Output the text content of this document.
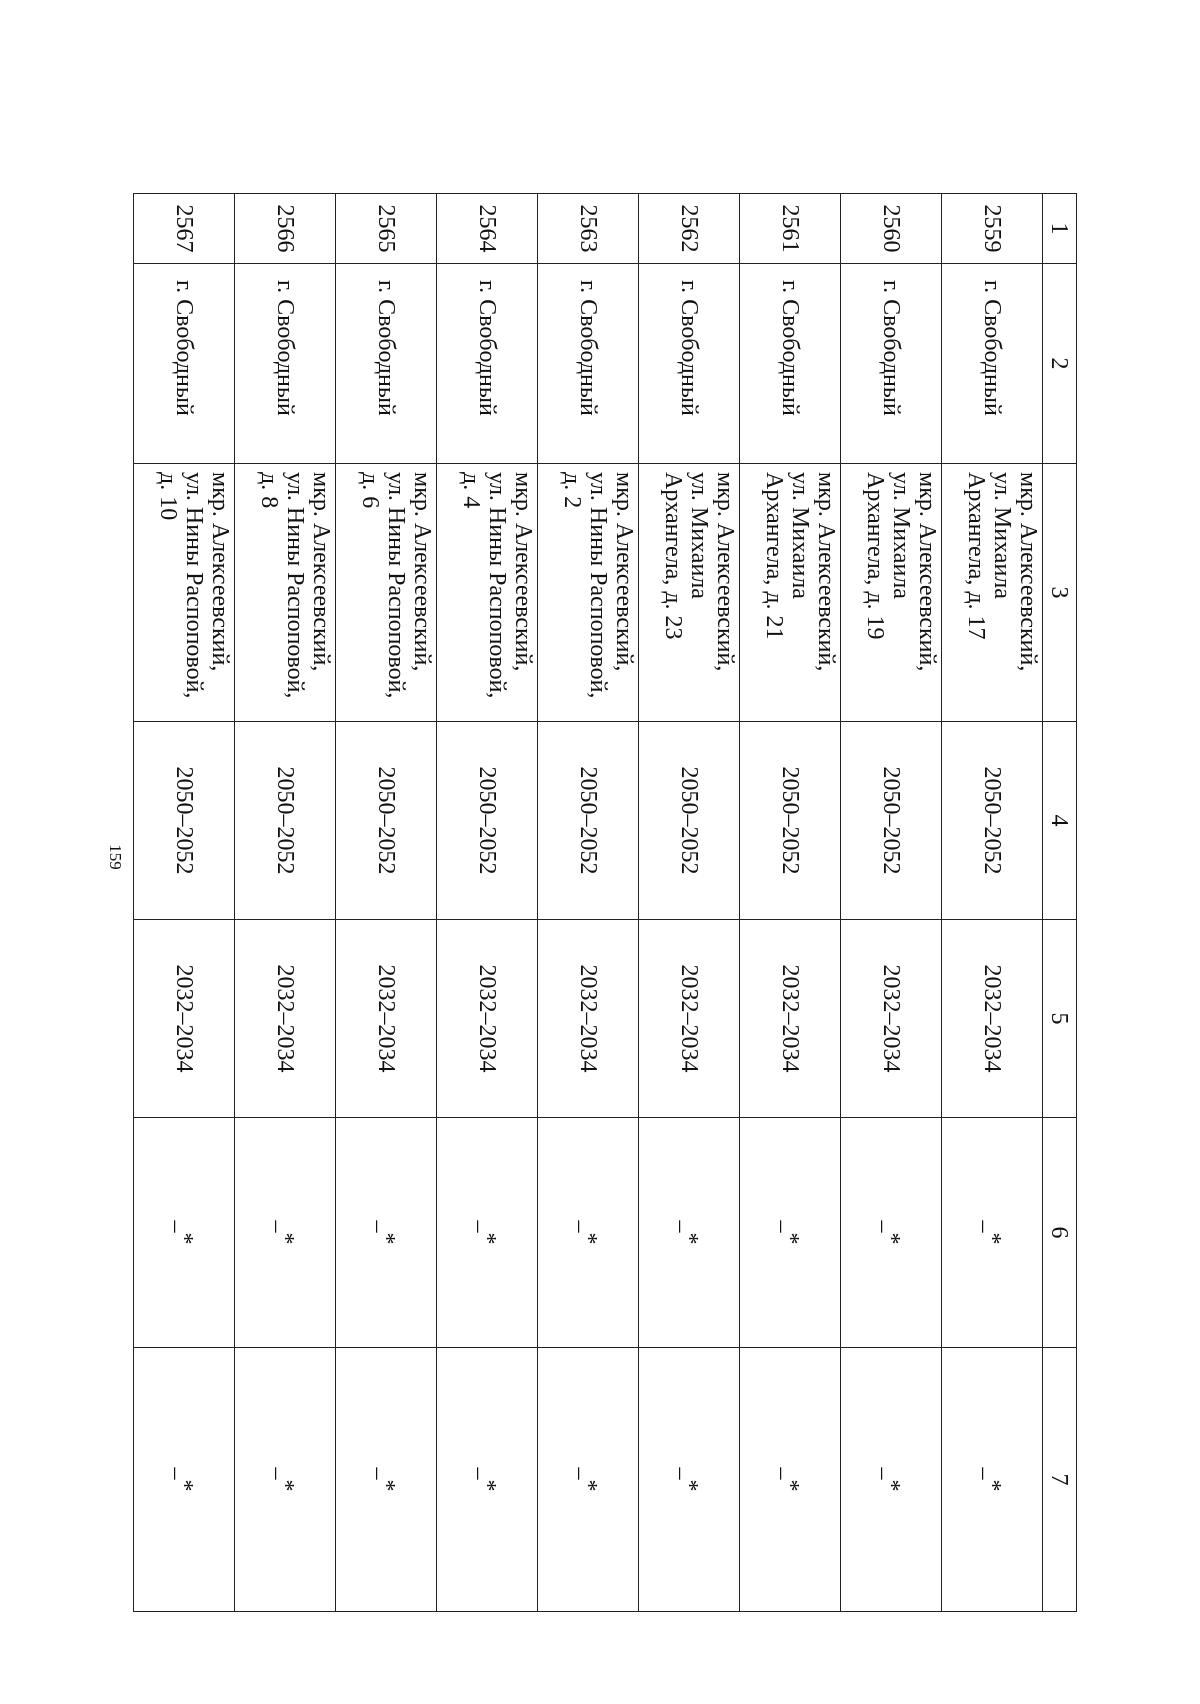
159
1	2	3	4	5	6	7
2559	г. Свободный	мкр. Алексеевский,
ул. Михаила
Архангела, д. 17	2050–2052	2032–2034	_*	_*
2560	г. Свободный	мкр. Алексеевский,
ул. Михаила
Архангела, д. 19	2050–2052	2032–2034	_*	_*
2561	г. Свободный	мкр. Алексеевский,
ул. Михаила
Архангела, д. 21	2050–2052	2032–2034	_*	_*
2562	г. Свободный	мкр. Алексеевский,
ул. Михаила
Архангела, д. 23	2050–2052	2032–2034	_*	_*
2563	г. Свободный	мкр. Алексеевский,
ул. Нины Распоповой,
д. 2	2050–2052	2032–2034	_*	_*
2564	г. Свободный	мкр. Алексеевский,
ул. Нины Распоповой,
д. 4	2050–2052	2032–2034	_*	_*
2565	г. Свободный	мкр. Алексеевский,
ул. Нины Распоповой,
д. 6	2050–2052	2032–2034	_*	_*
2566	г. Свободный	мкр. Алексеевский,
ул. Нины Распоповой,
д. 8	2050–2052	2032–2034	_*	_*
2567	г. Свободный	мкр. Алексеевский,
ул. Нины Распоповой,
д. 10	2050–2052	2032–2034	_*	_*
